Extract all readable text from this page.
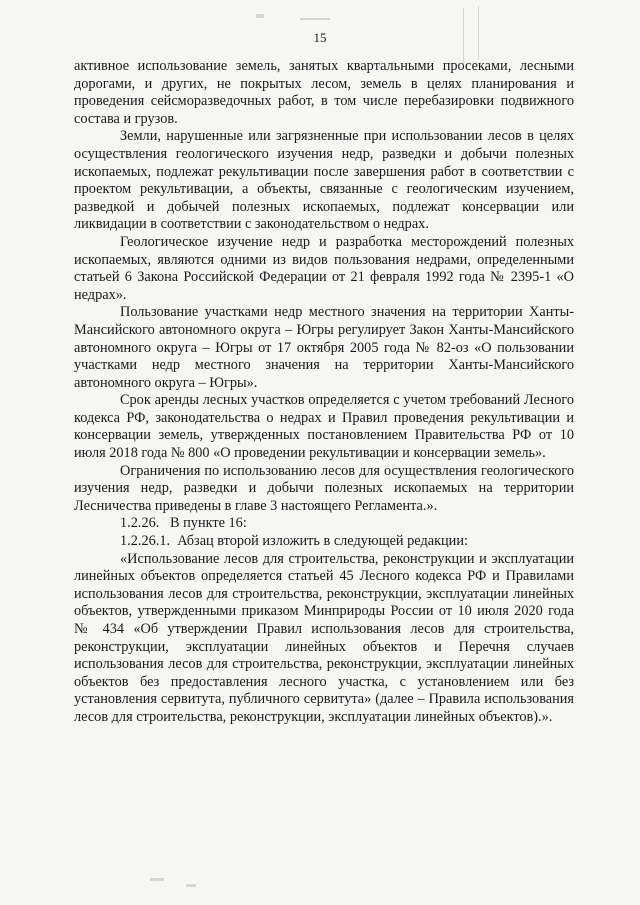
15

активное использование земель, занятых квартальными просеками, лесными дорогами, и других, не покрытых лесом, земель в целях планирования и проведения сейсморазведочных работ, в том числе перебазировки подвижного состава и грузов.

Земли, нарушенные или загрязненные при использовании лесов в целях осуществления геологического изучения недр, разведки и добычи полезных ископаемых, подлежат рекультивации после завершения работ в соответствии с проектом рекультивации, а объекты, связанные с геологическим изучением, разведкой и добычей полезных ископаемых, подлежат консервации или ликвидации в соответствии с законодательством о недрах.

Геологическое изучение недр и разработка месторождений полезных ископаемых, являются одними из видов пользования недрами, определенными статьей 6 Закона Российской Федерации от 21 февраля 1992 года № 2395-1 «О недрах».

Пользование участками недр местного значения на территории Ханты-Мансийского автономного округа – Югры регулирует Закон Ханты-Мансийского автономного округа – Югры от 17 октября 2005 года № 82-оз «О пользовании участками недр местного значения на территории Ханты-Мансийского автономного округа – Югры».

Срок аренды лесных участков определяется с учетом требований Лесного кодекса РФ, законодательства о недрах и Правил проведения рекультивации и консервации земель, утвержденных постановлением Правительства РФ от 10 июля 2018 года № 800 «О проведении рекультивации и консервации земель».

Ограничения по использованию лесов для осуществления геологического изучения недр, разведки и добычи полезных ископаемых на территории Лесничества приведены в главе 3 настоящего Регламента.».

1.2.26.   В пункте 16:

1.2.26.1.  Абзац второй изложить в следующей редакции:

«Использование лесов для строительства, реконструкции и эксплуатации линейных объектов определяется статьей 45 Лесного кодекса РФ и Правилами использования лесов для строительства, реконструкции, эксплуатации линейных объектов, утвержденными приказом Минприроды России от 10 июля 2020 года № 434 «Об утверждении Правил использования лесов для строительства, реконструкции, эксплуатации линейных объектов и Перечня случаев использования лесов для строительства, реконструкции, эксплуатации линейных объектов без предоставления лесного участка, с установлением или без установления сервитута, публичного сервитута» (далее – Правила использования лесов для строительства, реконструкции, эксплуатации линейных объектов).».
